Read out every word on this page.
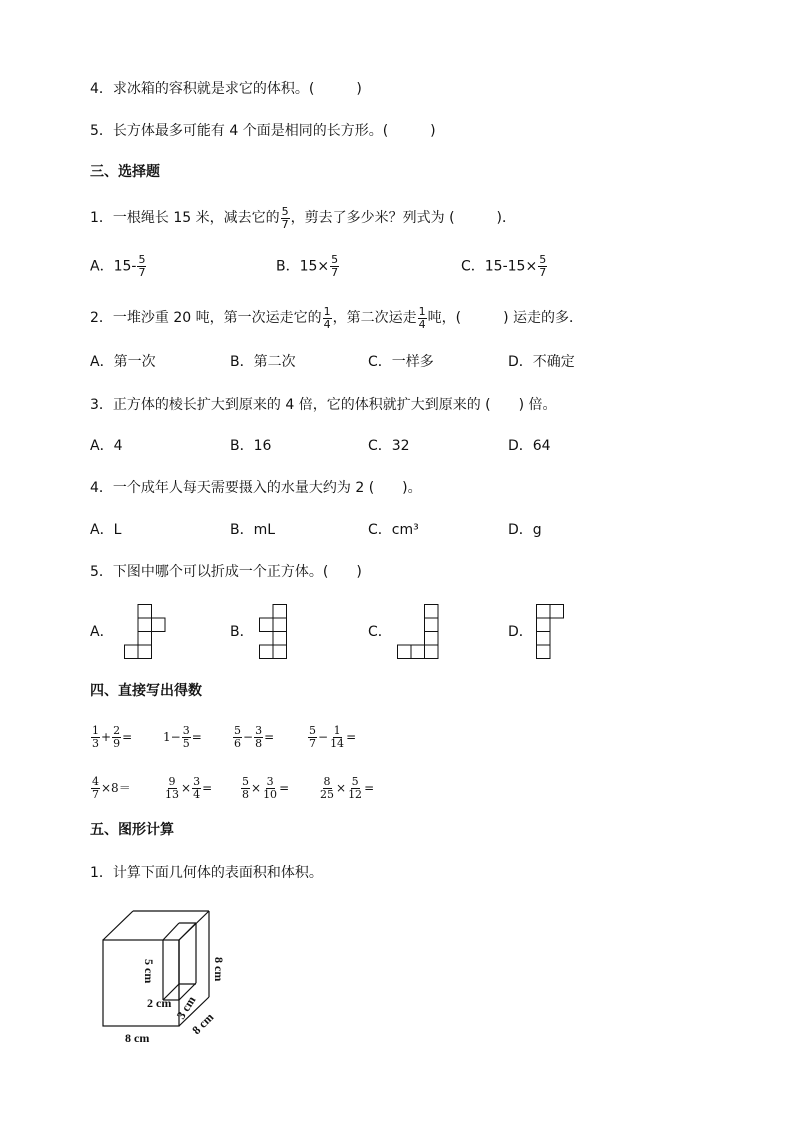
4．求冰箱的容积就是求它的体积。(　　　)
5．长方体最多可能有 4 个面是相同的长方形。(　　　)
三、选择题
1．一根绳长 15 米，减去它的 $\frac{5}{7}$ ，剪去了多少米？列式为 (　　　)．
A．$15- \frac{5}{7}$	B．$15\times \frac{5}{7}$	C．$15-15\times \frac{5}{7}$
2．一堆沙重 20 吨，第一次运走它的 $\frac{1}{4}$ ，第二次运走 $\frac{1}{4}$ 吨，(　　　) 运走的多．
A．第一次	B．第二次	C．一样多	D．不确定
3．正方体的棱长扩大到原来的 4 倍，它的体积就扩大到原来的 (　　) 倍。
A．4	B．16	C．32	D．64
4．一个成年人每天需要摄入的水量大约为 2 (　　)。
A．L	B．mL	C．cm³	D．g
5．下图中哪个可以折成一个正方体。(　　)
A．	B．	C．	D．
四、直接写出得数
$\frac{1}{3} + \frac{2}{9}$ =	$1- \frac{3}{5}$ =	$\frac{5}{6} - \frac{3}{8}$ =	$\frac{5}{7} - \frac{1}{14}$ =
$\frac{4}{7} \times 8=$	$\frac{9}{13} \times \frac{3}{4}$ =	$\frac{5}{8} \times \frac{3}{10}$ =	$\frac{8}{25} \times \frac{5}{12}$ =
五、图形计算
1．计算下面几何体的表面积和体积。
8 cm
5 cm
2 cm 3 cm
8 cm
8 cm
